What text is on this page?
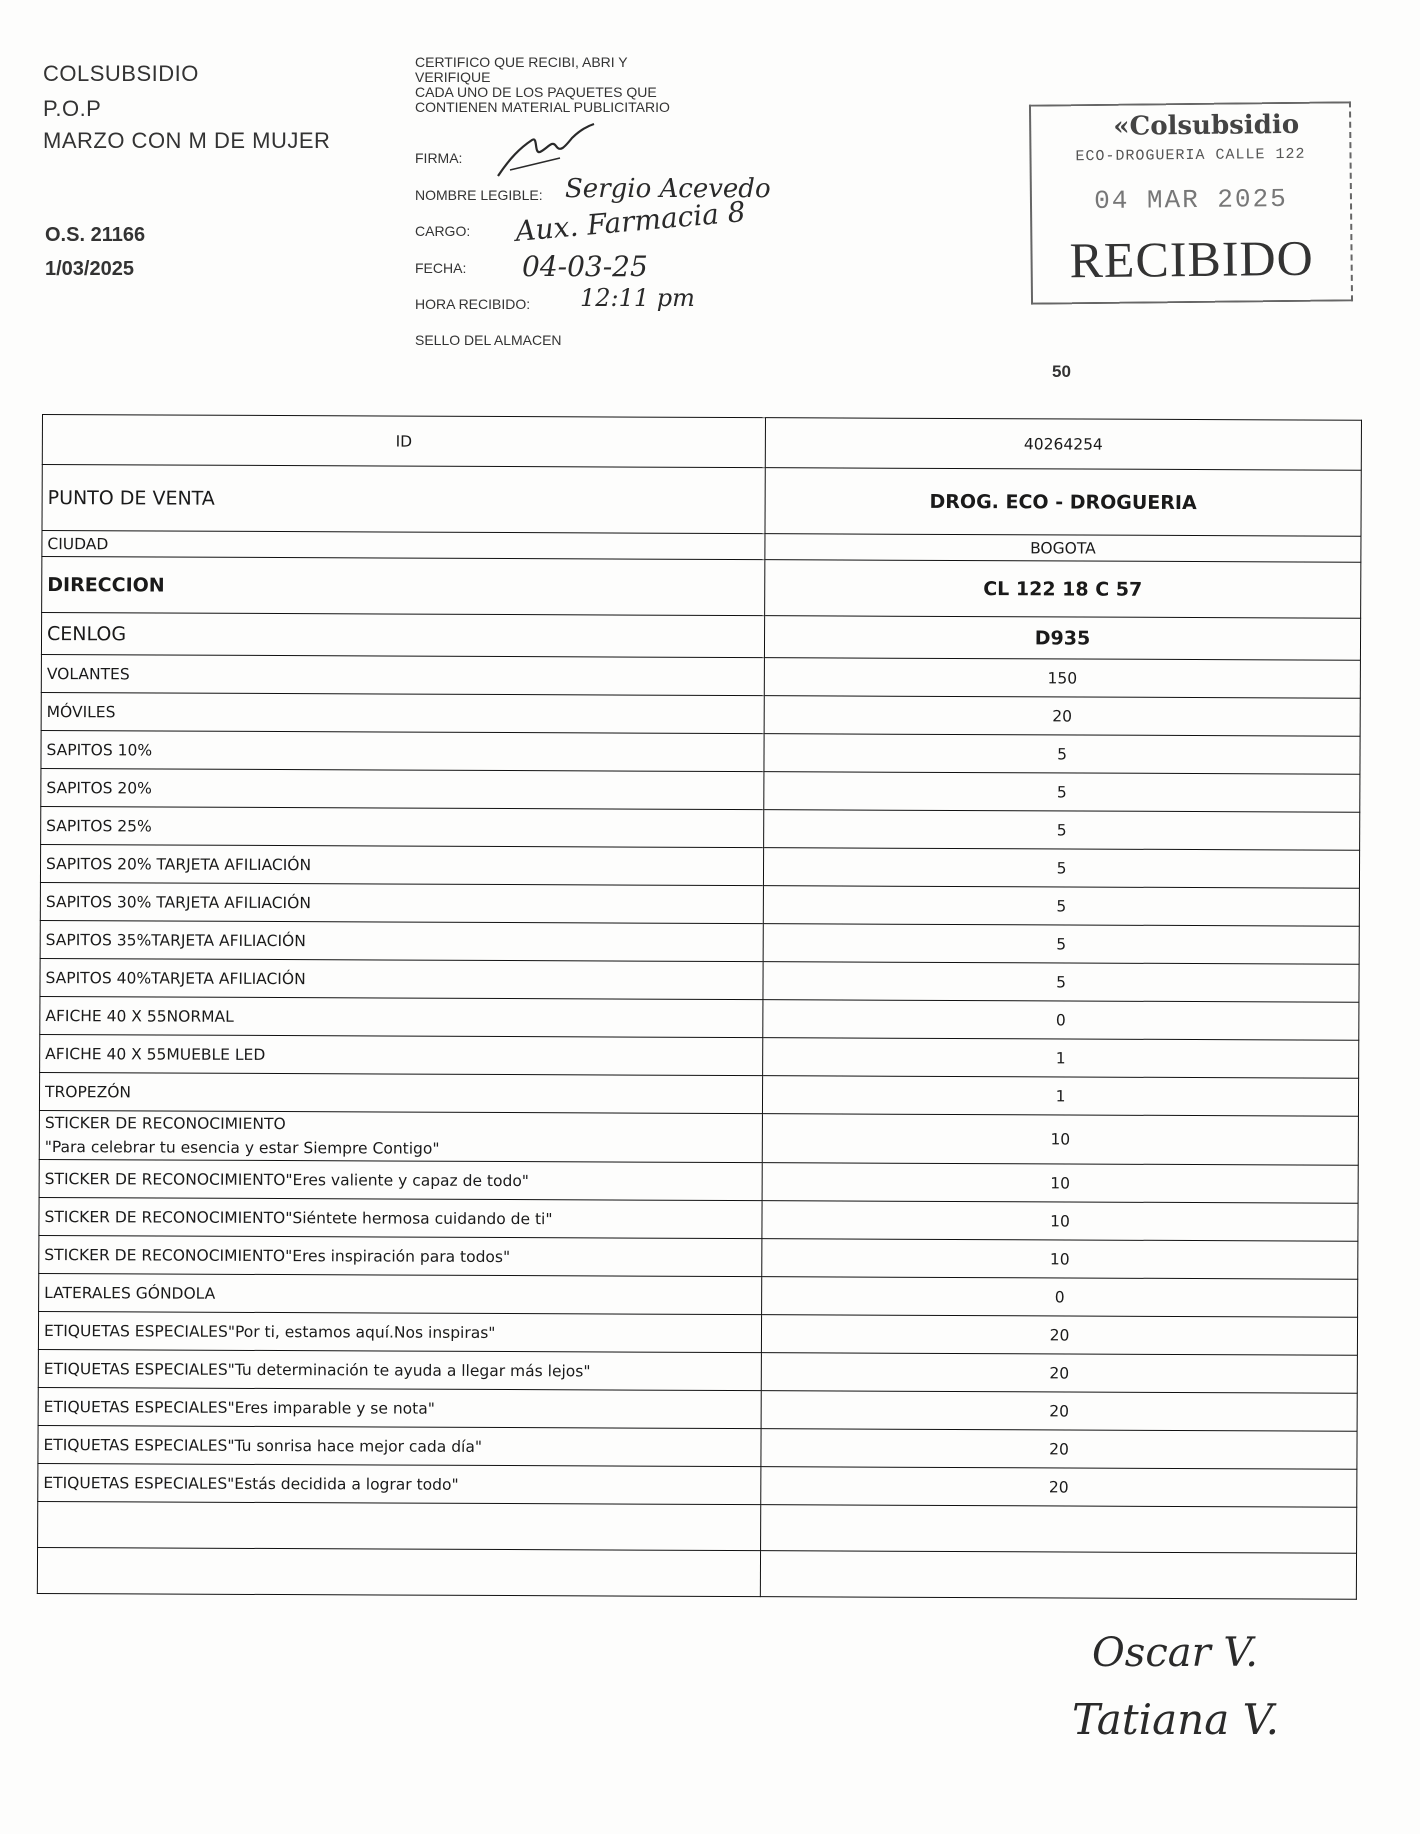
COLSUBSIDIO
P.O.P
MARZO CON M DE MUJER
O.S. 21166
1/03/2025
CERTIFICO QUE RECIBI, ABRI Y
VERIFIQUE
CADA UNO DE LOS PAQUETES QUE
CONTIENEN MATERIAL PUBLICITARIO
FIRMA:
NOMBRE LEGIBLE: Sergio Acevedo
CARGO: Aux. Farmacia 8
FECHA: 04-03-25
HORA RECIBIDO: 12:11 pm
SELLO DEL ALMACEN
«Colsubsidio
ECO-DROGUERIA CALLE 122
04 MAR 2025
RECIBIDO
50
ID	40264254
PUNTO DE VENTA	DROG. ECO - DROGUERIA
CIUDAD	BOGOTA
DIRECCION	CL 122 18 C 57
CENLOG	D935
VOLANTES	150
MÓVILES	20
SAPITOS 10%	5
SAPITOS 20%	5
SAPITOS 25%	5
SAPITOS 20% TARJETA AFILIACIÓN	5
SAPITOS 30% TARJETA AFILIACIÓN	5
SAPITOS 35%TARJETA AFILIACIÓN	5
SAPITOS 40%TARJETA AFILIACIÓN	5
AFICHE 40 X 55NORMAL	0
AFICHE 40 X 55MUEBLE LED	1
TROPEZÓN	1

STICKER DE RECONOCIMIENTO
"Para celebrar tu esencia y estar Siempre Contigo"	10
STICKER DE RECONOCIMIENTO"Eres valiente y capaz de todo"	10
STICKER DE RECONOCIMIENTO"Siéntete hermosa cuidando de ti"	10
STICKER DE RECONOCIMIENTO"Eres inspiración para todos"	10
LATERALES GÓNDOLA	0
ETIQUETAS ESPECIALES"Por ti, estamos aquí.Nos inspiras"	20
ETIQUETAS ESPECIALES"Tu determinación te ayuda a llegar más lejos"	20
ETIQUETAS ESPECIALES"Eres imparable y se nota"	20
ETIQUETAS ESPECIALES"Tu sonrisa hace mejor cada día"	20
ETIQUETAS ESPECIALES"Estás decidida a lograr todo"	20

Oscar V.
Tatiana V.
